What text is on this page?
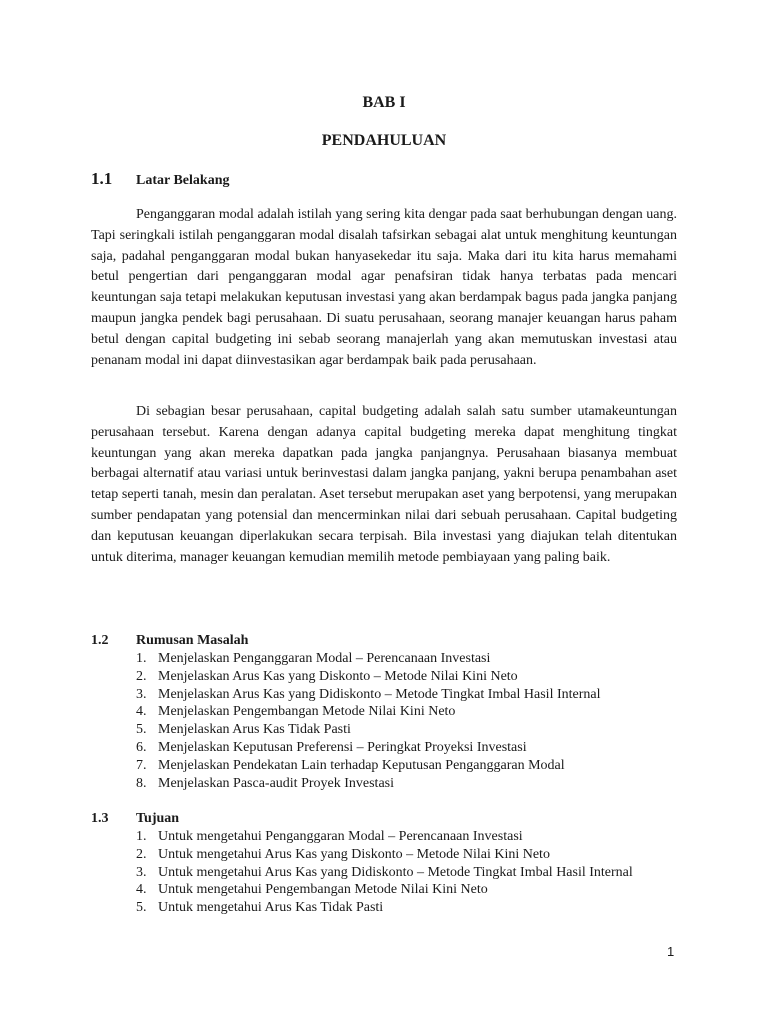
BAB I
PENDAHULUAN
1.1 Latar Belakang

Penganggaran modal adalah istilah yang sering kita dengar pada saat berhubungan dengan uang. Tapi seringkali istilah penganggaran modal disalah tafsirkan sebagai alat untuk menghitung keuntungan saja, padahal penganggaran modal bukan hanyasekedar itu saja. Maka dari itu kita harus memahami betul pengertian dari penganggaran modal agar penafsiran tidak hanya terbatas pada mencari keuntungan saja tetapi melakukan keputusan investasi yang akan berdampak bagus pada jangka panjang maupun jangka pendek bagi perusahaan. Di suatu perusahaan, seorang manajer keuangan harus paham betul dengan capital budgeting ini sebab seorang manajerlah yang akan memutuskan investasi atau penanam modal ini dapat diinvestasikan agar berdampak baik pada perusahaan.

Di sebagian besar perusahaan, capital budgeting adalah salah satu sumber utamakeuntungan perusahaan tersebut. Karena dengan adanya capital budgeting mereka dapat menghitung tingkat keuntungan yang akan mereka dapatkan pada jangka panjangnya. Perusahaan biasanya membuat berbagai alternatif atau variasi untuk berinvestasi dalam jangka panjang, yakni berupa penambahan aset tetap seperti tanah, mesin dan peralatan. Aset tersebut merupakan aset yang berpotensi, yang merupakan sumber pendapatan yang potensial dan mencerminkan nilai dari sebuah perusahaan. Capital budgeting dan keputusan keuangan diperlakukan secara terpisah. Bila investasi yang diajukan telah ditentukan untuk diterima, manager keuangan kemudian memilih metode pembiayaan yang paling baik.

1.2 Rumusan Masalah
1. Menjelaskan Penganggaran Modal – Perencanaan Investasi
2. Menjelaskan Arus Kas yang Diskonto – Metode Nilai Kini Neto
3. Menjelaskan Arus Kas yang Didiskonto – Metode Tingkat Imbal Hasil Internal
4. Menjelaskan Pengembangan Metode Nilai Kini Neto
5. Menjelaskan Arus Kas Tidak Pasti
6. Menjelaskan Keputusan Preferensi – Peringkat Proyeksi Investasi
7. Menjelaskan Pendekatan Lain terhadap Keputusan Penganggaran Modal
8. Menjelaskan Pasca-audit Proyek Investasi
1.3 Tujuan
1. Untuk mengetahui Penganggaran Modal – Perencanaan Investasi
2. Untuk mengetahui Arus Kas yang Diskonto – Metode Nilai Kini Neto
3. Untuk mengetahui Arus Kas yang Didiskonto – Metode Tingkat Imbal Hasil Internal
4. Untuk mengetahui Pengembangan Metode Nilai Kini Neto
5. Untuk mengetahui Arus Kas Tidak Pasti
1
